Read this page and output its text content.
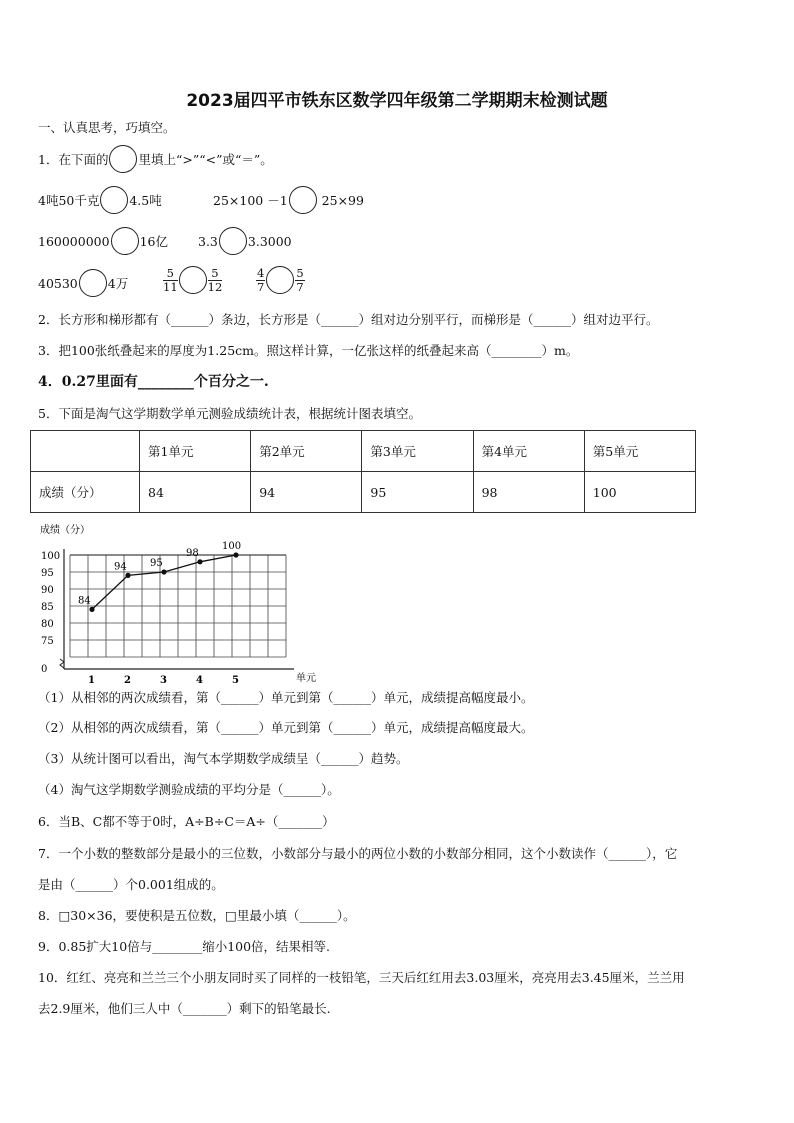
2023届四平市铁东区数学四年级第二学期期末检测试题
一、认真思考，巧填空。
1．在下面的 里填上“>”“<”或“＝”。
4吨50千克 4.5吨	25×100 －1	25×99
160000000 16亿 3.3 3.3000
40530 4万	$\frac{5}{11}$	$\frac{5}{12}$	$\frac{4}{7}$	$\frac{5}{7}$
2．长方形和梯形都有（______）条边，长方形是（______）组对边分别平行，而梯形是（______）组对边平行。
3．把100张纸叠起来的厚度为1.25cm。照这样计算，一亿张这样的纸叠起来高（________）m。
4．0.27里面有________个百分之一.
5．下面是淘气这学期数学单元测验成绩统计表，根据统计图表填空。
	第1单元	第2单元	第3单元	第4单元	第5单元
成绩（分）	84	94	95	98	100
成绩（分）
单元
100
95
90
85
80
75
0
1	2	3	4	5
84
94 95
98
100
（1）从相邻的两次成绩看，第（______）单元到第（______）单元，成绩提高幅度最小。
（2）从相邻的两次成绩看，第（______）单元到第（______）单元，成绩提高幅度最大。
（3）从统计图可以看出，淘气本学期数学成绩呈（______）趋势。
（4）淘气这学期数学测验成绩的平均分是（______）。
6．当B、C都不等于0时，A÷B÷C＝A÷（_______）
7．一个小数的整数部分是最小的三位数，小数部分与最小的两位小数的小数部分相同，这个小数读作（______），它
是由（______）个0.001组成的。
8．□30×36，要使积是五位数，□里最小填（______）。
9．0.85扩大10倍与________缩小100倍，结果相等.
10．红红、亮亮和兰兰三个小朋友同时买了同样的一枝铅笔，三天后红红用去3.03厘米，亮亮用去3.45厘米，兰兰用
去2.9厘米，他们三人中（_______）剩下的铅笔最长.
